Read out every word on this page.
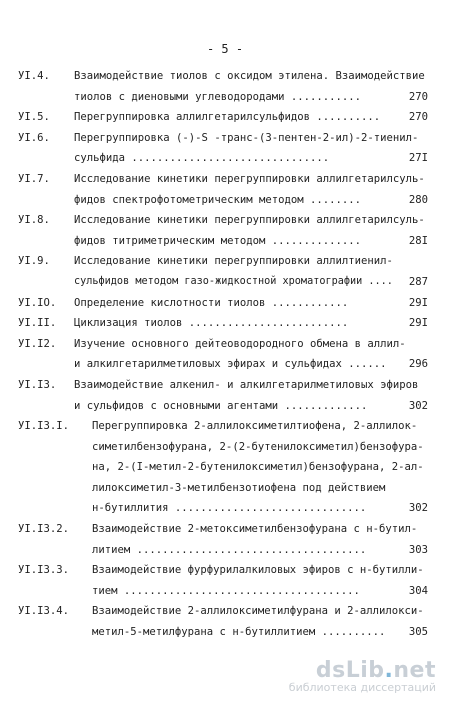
- 5 -
УI.4. Взаимодействие тиолов с оксидом этилена. Взаимодействие
тиолов с диеновыми углеводородами ...........	270
УI.5. Перегруппировка аллилгетарилсульфидов ..........	270
УI.6. Перегруппировка (-)-S -транс-(3-пентен-2-ил)-2-тиенил-
сульфида ...............................	27I
УI.7. Исследование кинетики перегруппировки аллилгетарилсуль-
фидов спектрофотометрическим методом ........	280
УI.8. Исследование кинетики перегруппировки аллилгетарилсуль-
фидов титриметрическим методом ..............	28I
УI.9. Исследование кинетики перегруппировки аллилтиенил-
сульфидов методом газо-жидкостной хроматографии .... 287
УI.IO. Определение кислотности тиолов ............	29I
УI.II. Циклизация тиолов .........................	29I
УI.I2. Изучение основного дейтеоводородного обмена в аллил-
и алкилгетарилметиловых эфирах и сульфидах ...... 296
УI.I3. Взаимодействие алкенил- и алкилгетарилметиловых эфиров
и сульфидов с основными агентами .............	302
УI.I3.I. Перегруппировка 2-аллилоксиметилтиофена, 2-аллилок-
симетилбензофурана, 2-(2-бутенилоксиметил)бензофура-
на, 2-(I-метил-2-бутенилоксиметил)бензофурана, 2-ал-
лилоксиметил-3-метилбензотиофена под действием
н-бутиллития ..............................	302
УI.I3.2. Взаимодействие 2-метоксиметилбензофурана с н-бутил-
литием ....................................	303
УI.I3.3. Взаимодействие фурфурилалкиловых эфиров с н-бутилли-
тием .....................................	304
УI.I3.4. Взаимодействие 2-аллилоксиметилфурана и 2-аллилокси-
метил-5-метилфурана с н-бутиллитием .......... 305
dsLib.net
библиотека диссертаций
